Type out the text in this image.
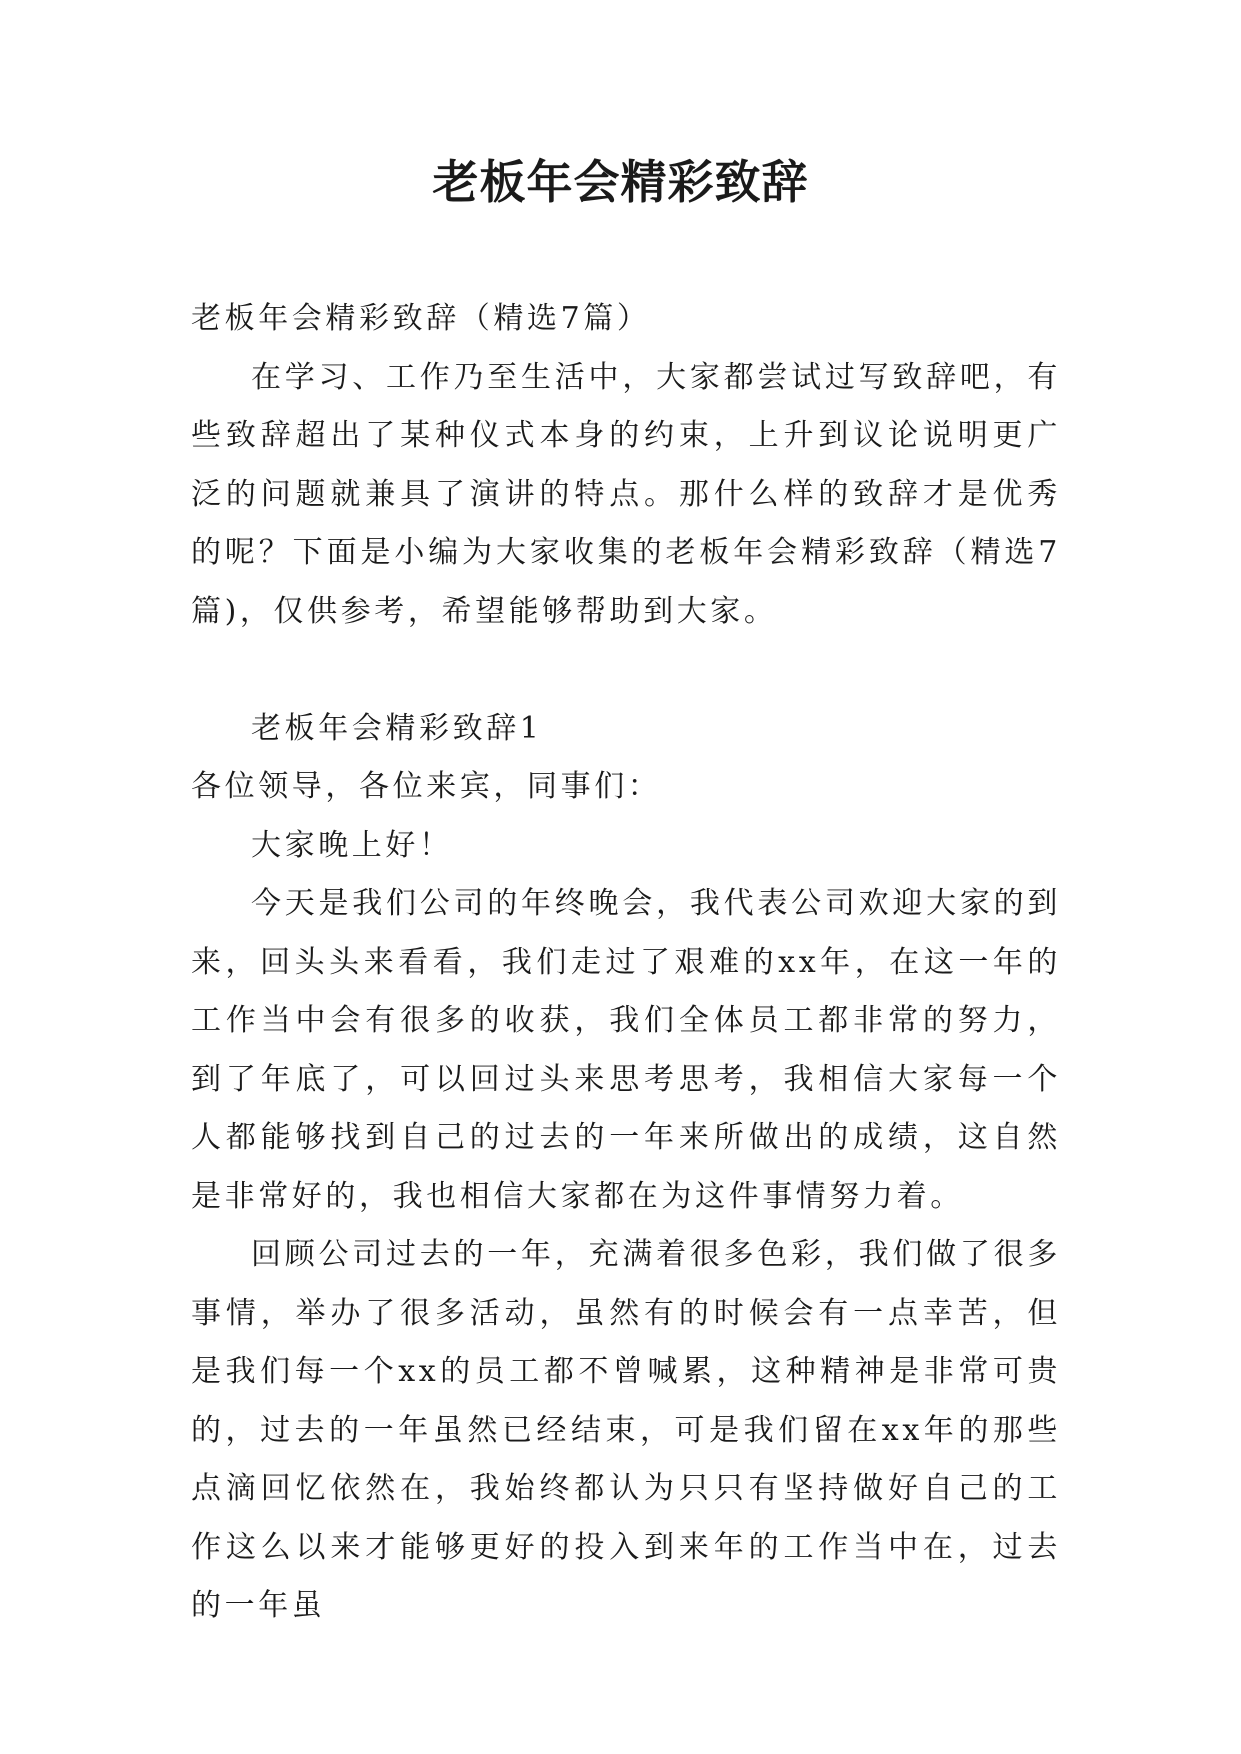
老板年会精彩致辞

老板年会精彩致辞（精选7篇）

在学习、工作乃至生活中，大家都尝试过写致辞吧，有些致辞超出了某种仪式本身的约束，上升到议论说明更广泛的问题就兼具了演讲的特点。那什么样的致辞才是优秀的呢？下面是小编为大家收集的老板年会精彩致辞（精选7篇)，仅供参考，希望能够帮助到大家。

老板年会精彩致辞1

各位领导，各位来宾，同事们：

大家晚上好！

今天是我们公司的年终晚会，我代表公司欢迎大家的到来，回头头来看看，我们走过了艰难的xx年，在这一年的工作当中会有很多的收获，我们全体员工都非常的努力，到了年底了，可以回过头来思考思考，我相信大家每一个人都能够找到自己的过去的一年来所做出的成绩，这自然是非常好的，我也相信大家都在为这件事情努力着。

回顾公司过去的一年，充满着很多色彩，我们做了很多事情，举办了很多活动，虽然有的时候会有一点幸苦，但是我们每一个xx的员工都不曾喊累，这种精神是非常可贵的，过去的一年虽然已经结束，可是我们留在xx年的那些点滴回忆依然在，我始终都认为只只有坚持做好自己的工作这么以来才能够更好的投入到来年的工作当中在，过去的一年虽
